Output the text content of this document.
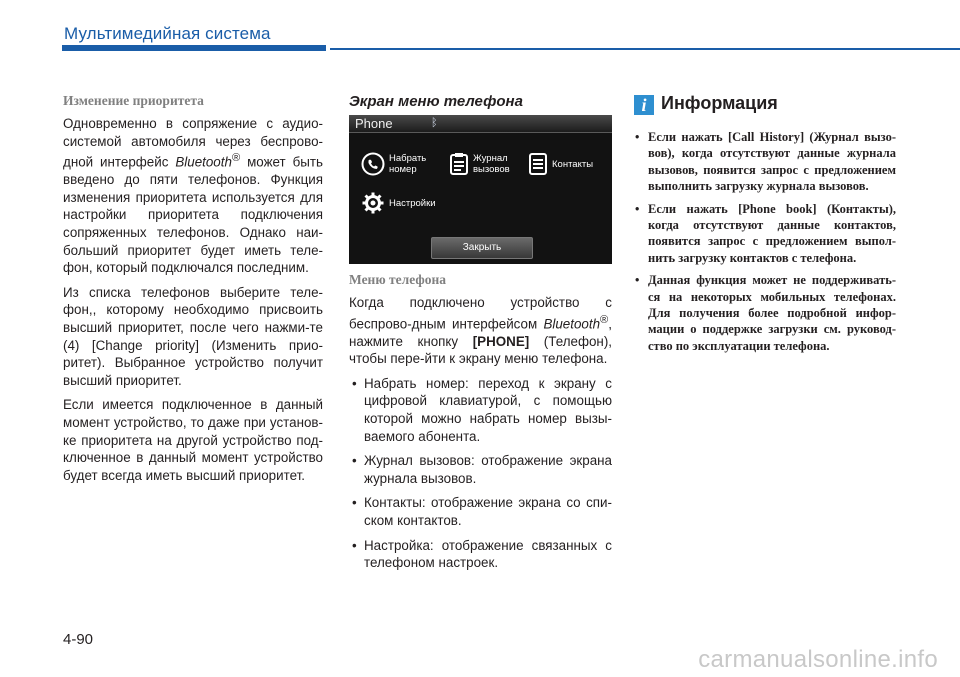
Мультимедийная система
Изменение приоритета

Одновременно в сопряжение с аудио-системой автомобиля через беспрово-дной интерфейс Bluetooth® может быть введено до пяти телефонов. Функция изменения приоритета используется для настройки приоритета подключения сопряженных телефонов. Однако наи-больший приоритет будет иметь теле-фон, который подключался последним.

Из списка телефонов выберите теле-фон,, которому необходимо присвоить высший приоритет, после чего нажми-те (4) [Change priority] (Изменить прио-ритет). Выбранное устройство получит высший приоритет.

Если имеется подключенное в данный момент устройство, то даже при установ-ке приоритета на другой устройство под-ключенное в данный момент устройство будет всегда иметь высший приоритет.

Экран меню телефона
Phone	ᛒ
Набрать
номер
Журнал
вызовов	Контакты
Настройки
Закрыть
Меню телефона

Когда подключено устройство с беспрово-дным интерфейсом Bluetooth®, нажмите кнопку [PHONE] (Телефон), чтобы пере-йти к экрану меню телефона.

• Набрать номер: переход к экрану с цифровой клавиатурой, с помощью которой можно набрать номер вызы-ваемого абонента.
• Журнал вызовов: отображение экрана журнала вызовов.
• Контакты: отображение экрана со спи-ском контактов.
• Настройка: отображение связанных с телефоном настроек.
i Информация
• Если нажать [Call History] (Журнал вызо-вов), когда отсутствуют данные журнала вызовов, появится запрос с предложением выполнить загрузку журнала вызовов.
• Если нажать [Phone book] (Контакты), когда отсутствуют данные контактов, появится запрос с предложением выпол-нить загрузку контактов с телефона.
• Данная функция может не поддерживать-ся на некоторых мобильных телефонах. Для получения более подробной инфор-мации о поддержке загрузки см. руковод-ство по эксплуатации телефона.
4-90
carmanualsonline.info
